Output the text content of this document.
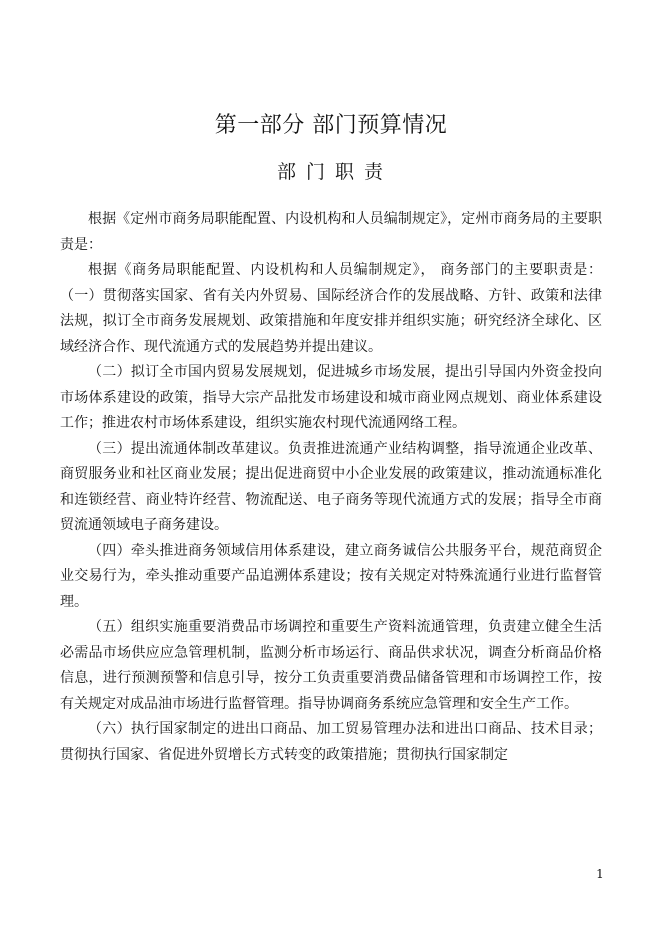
第一部分 部门预算情况
部 门 职 责

根据《定州市商务局职能配置、内设机构和人员编制规定》，定州市商务局的主要职责是：

根据《商务局职能配置、内设机构和人员编制规定》， 商务部门的主要职责是： （一）贯彻落实国家、省有关内外贸易、国际经济合作的发展战略、方针、政策和法律法规，拟订全市商务发展规划、政策措施和年度安排并组织实施；研究经济全球化、区域经济合作、现代流通方式的发展趋势并提出建议。

（二）拟订全市国内贸易发展规划，促进城乡市场发展，提出引导国内外资金投向市场体系建设的政策，指导大宗产品批发市场建设和城市商业网点规划、商业体系建设工作；推进农村市场体系建设，组织实施农村现代流通网络工程。

（三）提出流通体制改革建议。负责推进流通产业结构调整，指导流通企业改革、商贸服务业和社区商业发展；提出促进商贸中小企业发展的政策建议，推动流通标准化和连锁经营、商业特许经营、物流配送、电子商务等现代流通方式的发展；指导全市商贸流通领域电子商务建设。

（四）牵头推进商务领域信用体系建设，建立商务诚信公共服务平台，规范商贸企业交易行为，牵头推动重要产品追溯体系建设；按有关规定对特殊流通行业进行监督管理。

（五）组织实施重要消费品市场调控和重要生产资料流通管理，负责建立健全生活必需品市场供应应急管理机制，监测分析市场运行、商品供求状况，调查分析商品价格信息，进行预测预警和信息引导，按分工负责重要消费品储备管理和市场调控工作，按有关规定对成品油市场进行监督管理。指导协调商务系统应急管理和安全生产工作。

（六）执行国家制定的进出口商品、加工贸易管理办法和进出口商品、技术目录；贯彻执行国家、省促进外贸增长方式转变的政策措施；贯彻执行国家制定

1
